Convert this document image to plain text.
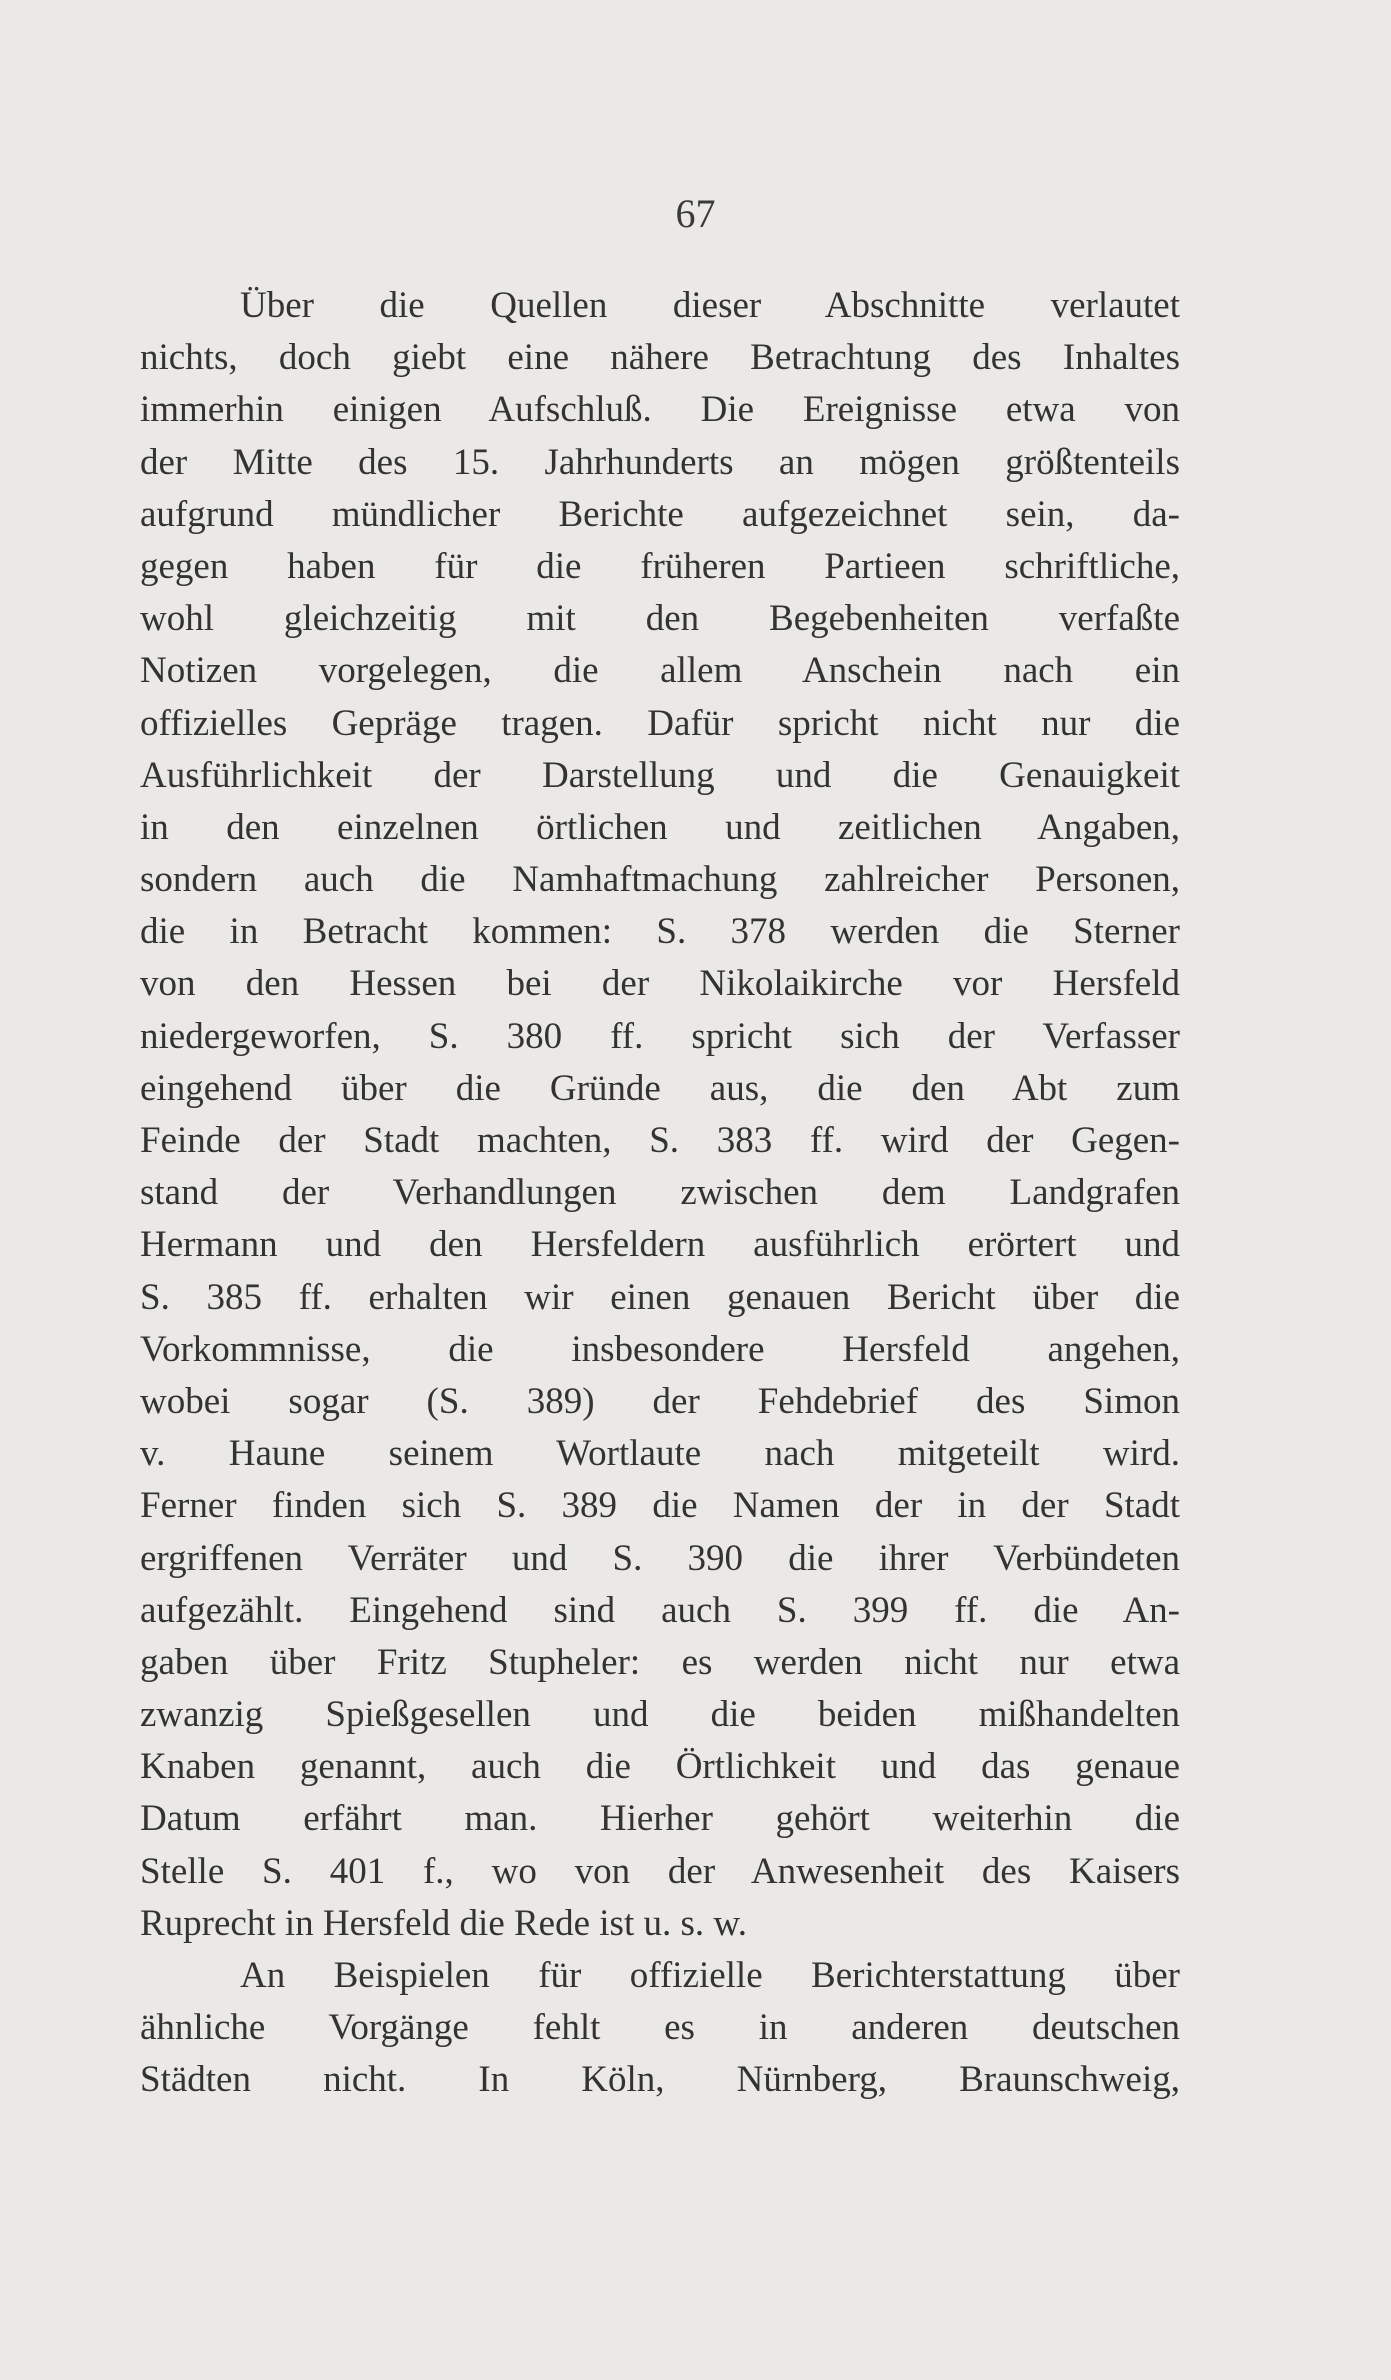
67
Über die Quellen dieser Abschnitte verlautet
nichts, doch giebt eine nähere Betrachtung des Inhaltes
immerhin einigen Aufschluß. Die Ereignisse etwa von
der Mitte des 15. Jahrhunderts an mögen größtenteils
aufgrund mündlicher Berichte aufgezeichnet sein, da-
gegen haben für die früheren Partieen schriftliche,
wohl gleichzeitig mit den Begebenheiten verfaßte
Notizen vorgelegen, die allem Anschein nach ein
offizielles Gepräge tragen. Dafür spricht nicht nur die
Ausführlichkeit der Darstellung und die Genauigkeit
in den einzelnen örtlichen und zeitlichen Angaben,
sondern auch die Namhaftmachung zahlreicher Personen,
die in Betracht kommen: S. 378 werden die Sterner
von den Hessen bei der Nikolaikirche vor Hersfeld
niedergeworfen, S. 380 ff. spricht sich der Verfasser
eingehend über die Gründe aus, die den Abt zum
Feinde der Stadt machten, S. 383 ff. wird der Gegen-
stand der Verhandlungen zwischen dem Landgrafen
Hermann und den Hersfeldern ausführlich erörtert und
S. 385 ff. erhalten wir einen genauen Bericht über die
Vorkommnisse, die insbesondere Hersfeld angehen,
wobei sogar (S. 389) der Fehdebrief des Simon
v. Haune seinem Wortlaute nach mitgeteilt wird.
Ferner finden sich S. 389 die Namen der in der Stadt
ergriffenen Verräter und S. 390 die ihrer Verbündeten
aufgezählt. Eingehend sind auch S. 399 ff. die An-
gaben über Fritz Stupheler: es werden nicht nur etwa
zwanzig Spießgesellen und die beiden mißhandelten
Knaben genannt, auch die Örtlichkeit und das genaue
Datum erfährt man. Hierher gehört weiterhin die
Stelle S. 401 f., wo von der Anwesenheit des Kaisers
Ruprecht in Hersfeld die Rede ist u. s. w.
An Beispielen für offizielle Berichterstattung über
ähnliche Vorgänge fehlt es in anderen deutschen
Städten nicht. In Köln, Nürnberg, Braunschweig,
